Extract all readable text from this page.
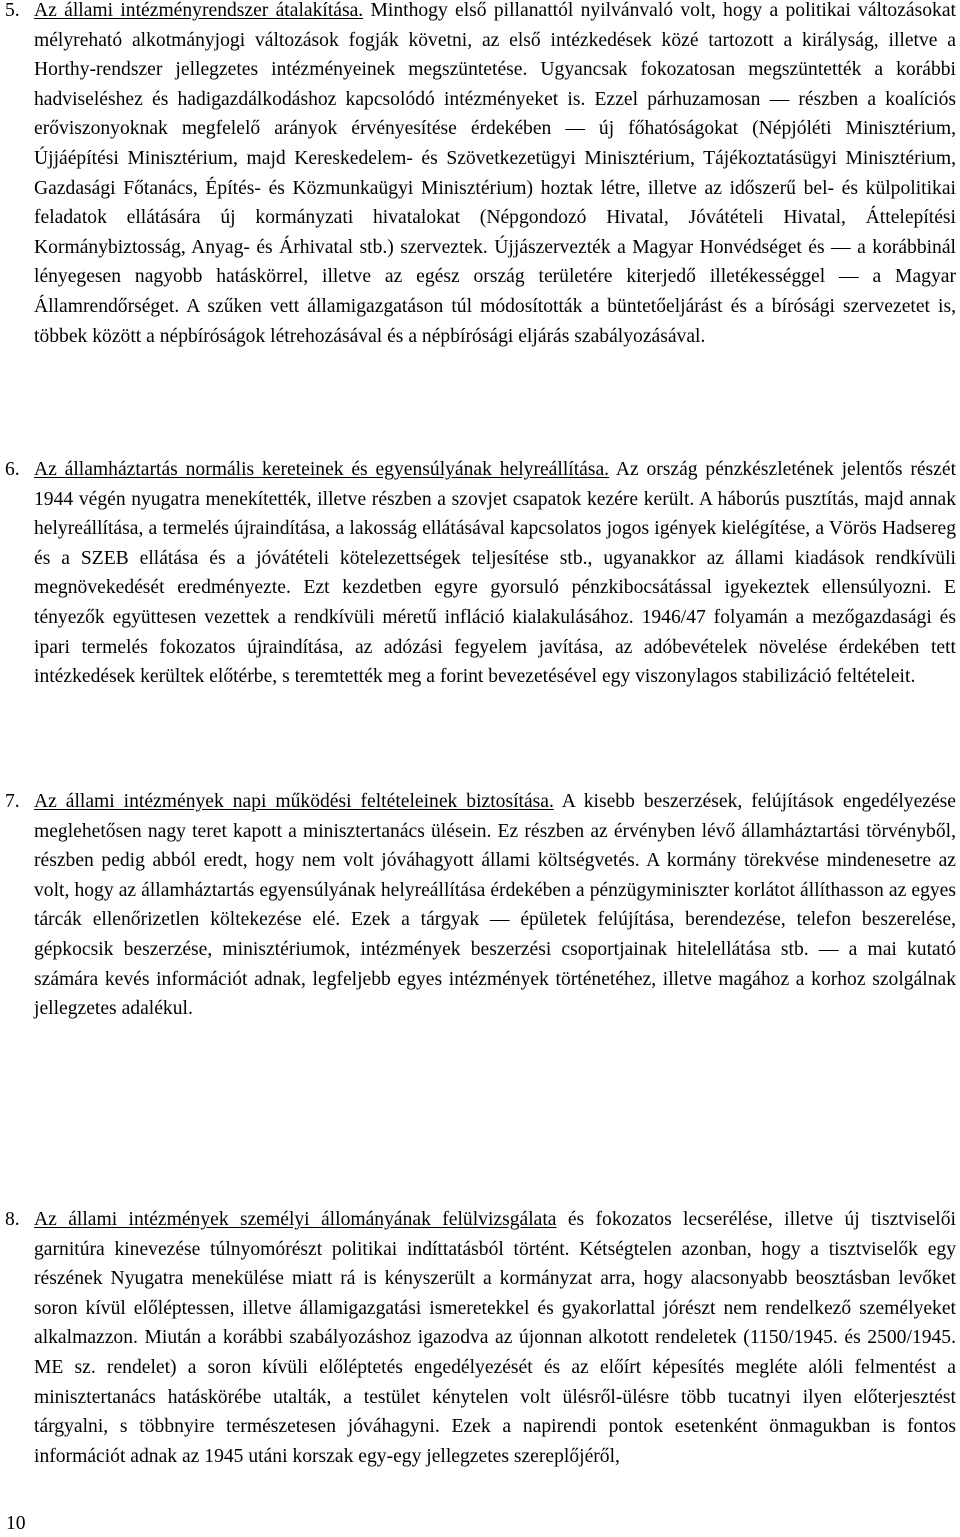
5. Az állami intézményrendszer átalakítása. Minthogy első pillanattól nyilvánvaló volt, hogy a politikai változásokat mélyreható alkotmányjogi változások fogják követni, az első intézkedések közé tartozott a királyság, illetve a Horthy-rendszer jellegzetes intézményeinek megszüntetése. Ugyancsak fokozatosan megszüntették a korábbi hadviseléshez és hadigazdálkodáshoz kapcsolódó intézményeket is. Ezzel párhuzamosan — részben a koalíciós erőviszonyoknak megfelelő arányok érvényesítése érdekében — új főhatóságokat (Népjóléti Minisztérium, Újjáépítési Minisztérium, majd Kereskedelem- és Szövetkezetügyi Minisztérium, Tájékoztatásügyi Minisztérium, Gazdasági Főtanács, Építés- és Közmunkaügyi Minisztérium) hoztak létre, illetve az időszerű bel- és külpolitikai feladatok ellátására új kormányzati hivatalokat (Népgondozó Hivatal, Jóvátételi Hivatal, Áttelepítési Kormánybiztosság, Anyag- és Árhivatal stb.) szerveztek. Újjászervezték a Magyar Honvédséget és — a korábbinál lényegesen nagyobb hatáskörrel, illetve az egész ország területére kiterjedő illetékességgel — a Magyar Államrendőrséget. A szűken vett államigazgatáson túl módosították a büntetőeljárást és a bírósági szervezetet is, többek között a népbíróságok létrehozásával és a népbírósági eljárás szabályozásával.

6. Az államháztartás normális kereteinek és egyensúlyának helyreállítása. Az ország pénzkészletének jelentős részét 1944 végén nyugatra menekítették, illetve részben a szovjet csapatok kezére került. A háborús pusztítás, majd annak helyreállítása, a termelés újraindítása, a lakosság ellátásával kapcsolatos jogos igények kielégítése, a Vörös Hadsereg és a SZEB ellátása és a jóvátételi kötelezettségek teljesítése stb., ugyanakkor az állami kiadások rendkívüli megnövekedését eredményezte. Ezt kezdetben egyre gyorsuló pénzkibocsátással igyekeztek ellensúlyozni. E tényezők együttesen vezettek a rendkívüli méretű infláció kialakulásához. 1946/47 folyamán a mezőgazdasági és ipari termelés fokozatos újraindítása, az adózási fegyelem javítása, az adóbevételek növelése érdekében tett intézkedések kerültek előtérbe, s teremtették meg a forint bevezetésével egy viszonylagos stabilizáció feltételeit.

7. Az állami intézmények napi működési feltételeinek biztosítása. A kisebb beszerzések, felújítások engedélyezése meglehetősen nagy teret kapott a minisztertanács ülésein. Ez részben az érvényben lévő államháztartási törvényből, részben pedig abból eredt, hogy nem volt jóváhagyott állami költségvetés. A kormány törekvése mindenesetre az volt, hogy az államháztartás egyensúlyának helyreállítása érdekében a pénzügyminiszter korlátot állíthasson az egyes tárcák ellenőrizetlen költekezése elé. Ezek a tárgyak — épületek felújítása, berendezése, telefon beszerelése, gépkocsik beszerzése, minisztériumok, intézmények beszerzési csoportjainak hitelellátása stb. — a mai kutató számára kevés információt adnak, legfeljebb egyes intézmények történetéhez, illetve magához a korhoz szolgálnak jellegzetes adalékul.

8. Az állami intézmények személyi állományának felülvizsgálata és fokozatos lecserélése, illetve új tisztviselői garnitúra kinevezése túlnyomórészt politikai indíttatásból történt. Kétségtelen azonban, hogy a tisztviselők egy részének Nyugatra menekülése miatt rá is kényszerült a kormányzat arra, hogy alacsonyabb beosztásban levőket soron kívül előléptessen, illetve államigazgatási ismeretekkel és gyakorlattal jórészt nem rendelkező személyeket alkalmazzon. Miután a korábbi szabályozáshoz igazodva az újonnan alkotott rendeletek (1150/1945. és 2500/1945. ME sz. rendelet) a soron kívüli előléptetés engedélyezését és az előírt képesítés megléte alóli felmentést a minisztertanács hatáskörébe utalták, a testület kénytelen volt ülésről-ülésre több tucatnyi ilyen előterjesztést tárgyalni, s többnyire természetesen jóváhagyni. Ezek a napirendi pontok esetenként önmagukban is fontos információt adnak az 1945 utáni korszak egy-egy jellegzetes szereplőjéről,

10
